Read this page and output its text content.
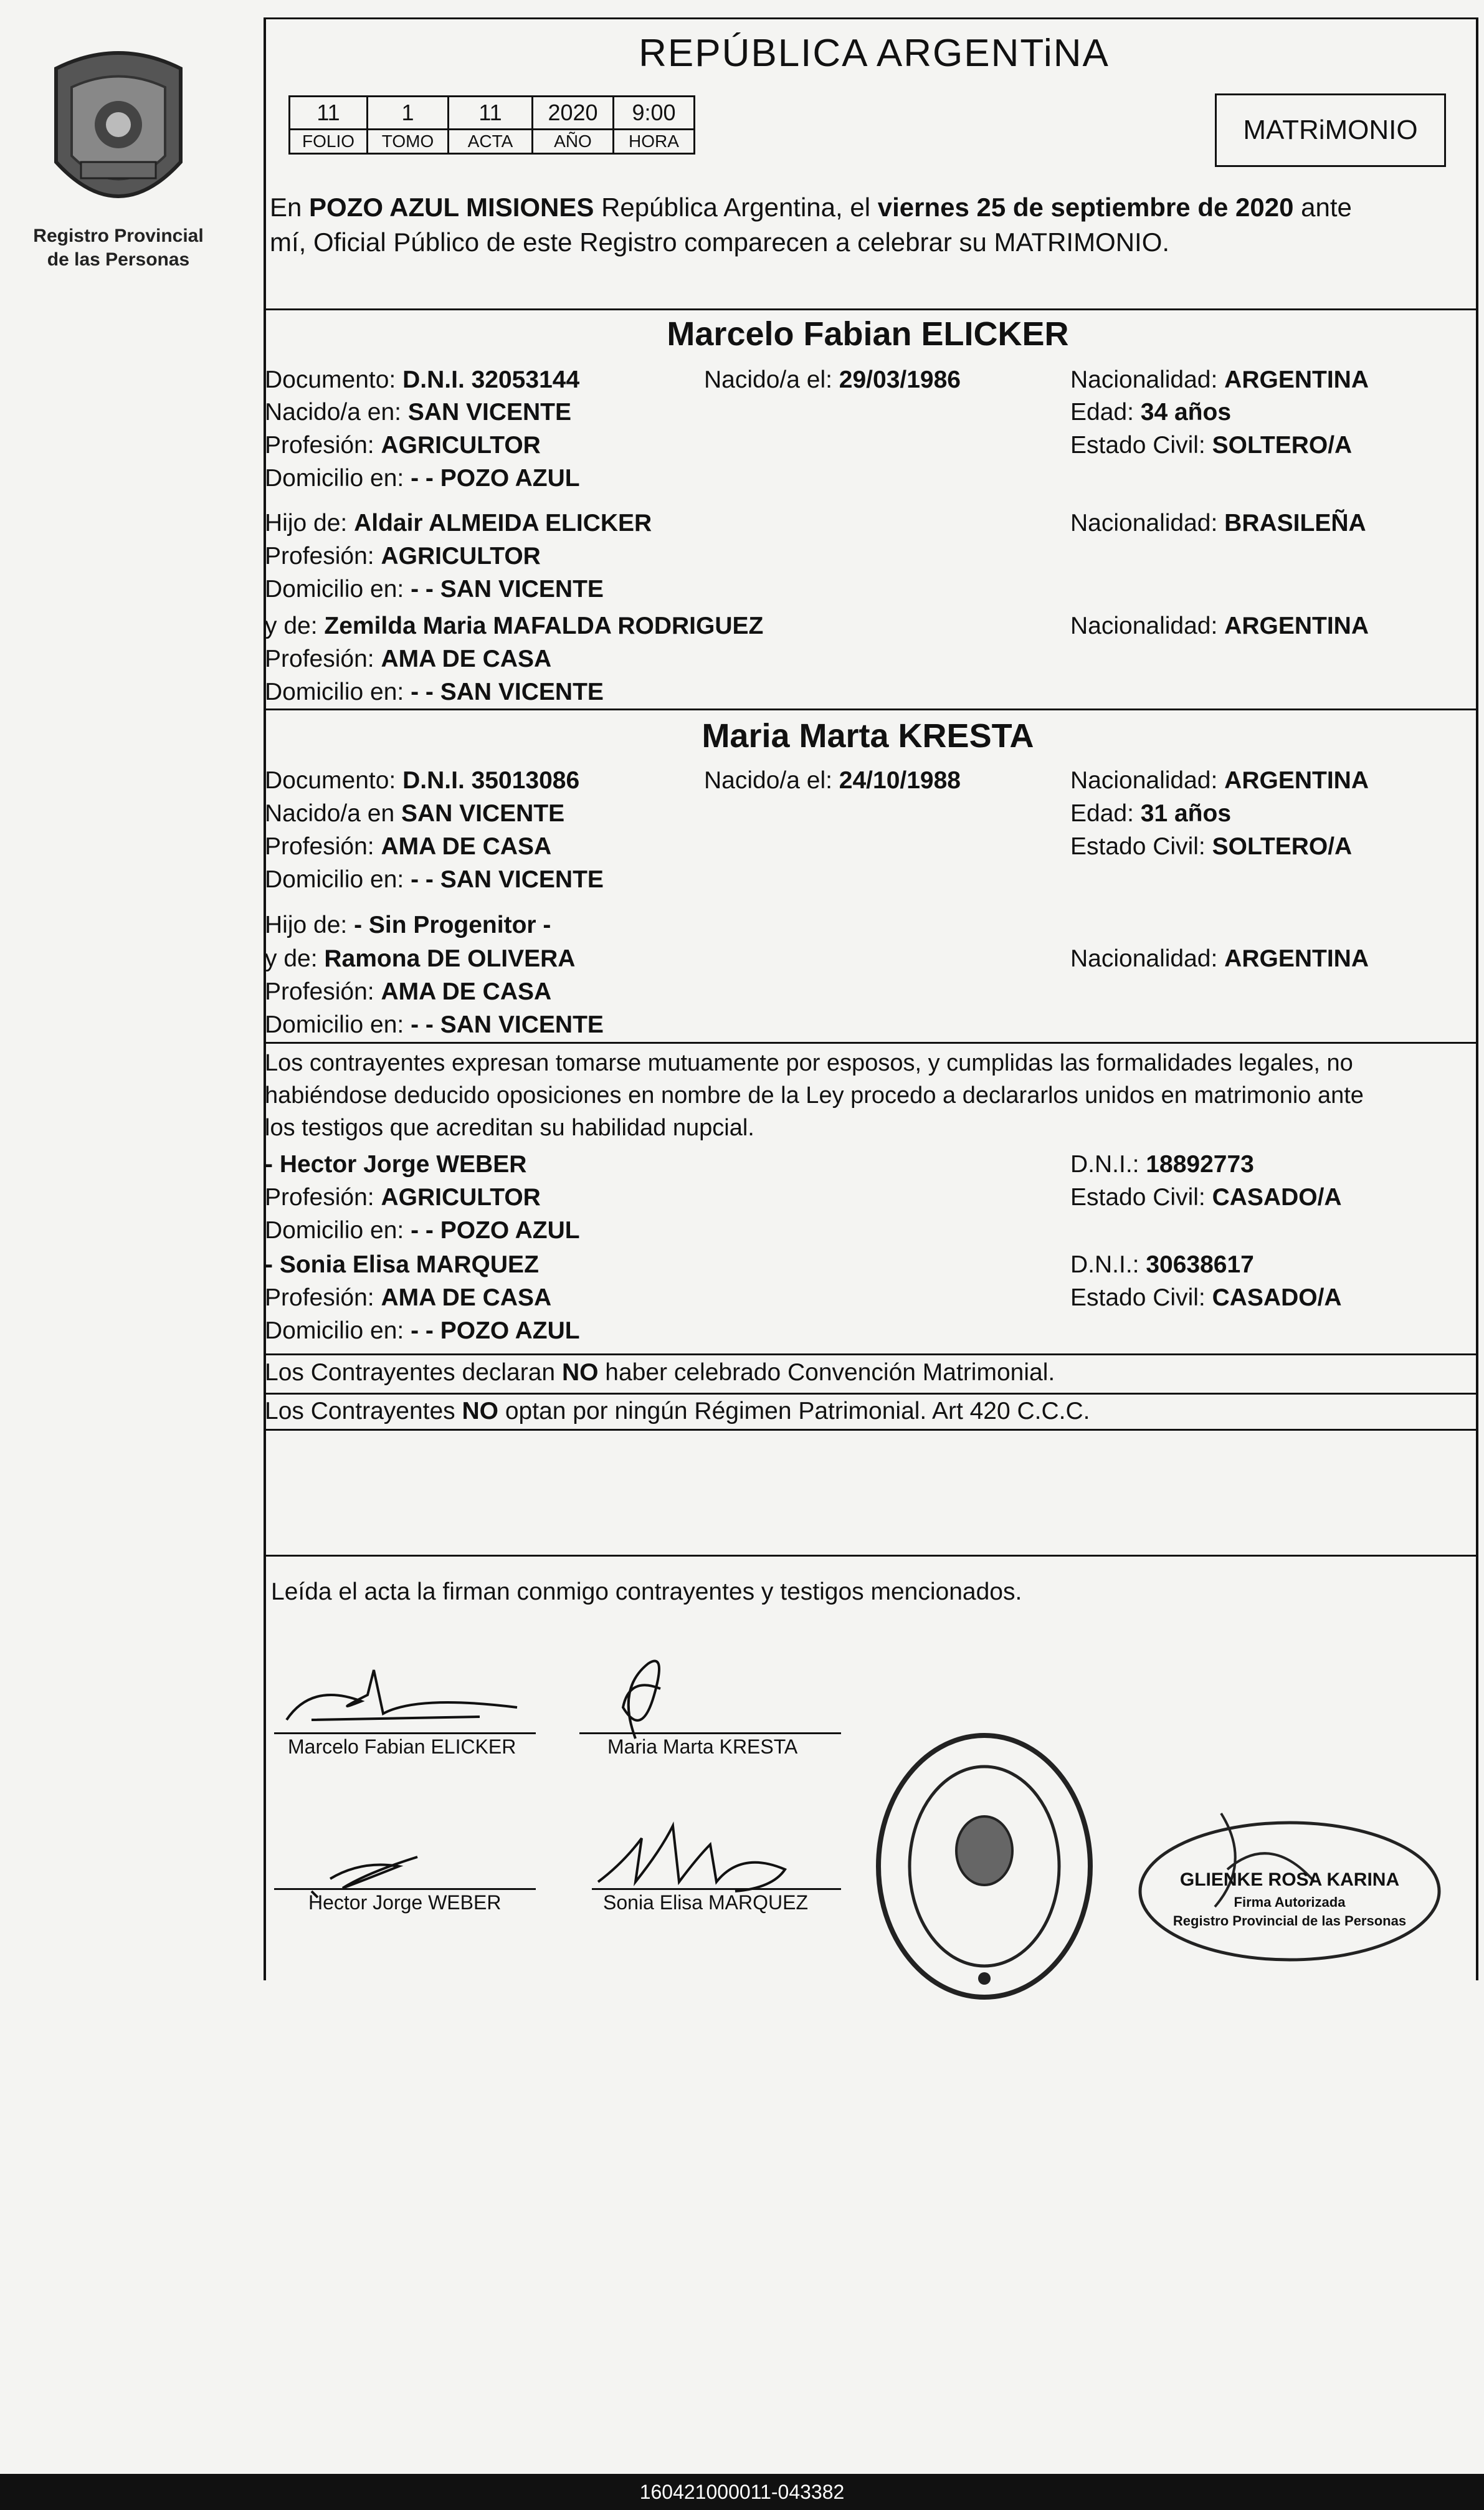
Registro Provincial
de las Personas
REPÚBLICA ARGENTiNA
11	1	11	2020	9:00
FOLIO	TOMO	ACTA	AÑO	HORA	MATRiMONIO
En POZO AZUL MISIONES República Argentina, el viernes 25 de septiembre de 2020 ante
mí, Oficial Público de este Registro comparecen a celebrar su MATRIMONIO.
Marcelo Fabian ELICKER
Documento: D.N.I. 32053144	Nacido/a el: 29/03/1986	Nacionalidad: ARGENTINA
Nacido/a en: SAN VICENTE	Edad: 34 años
Profesión: AGRICULTOR	Estado Civil: SOLTERO/A
Domicilio en: - - POZO AZUL
Hijo de: Aldair ALMEIDA ELICKER	Nacionalidad: BRASILEÑA
Profesión: AGRICULTOR
Domicilio en: - - SAN VICENTE
y de: Zemilda Maria MAFALDA RODRIGUEZ	Nacionalidad: ARGENTINA
Profesión: AMA DE CASA
Domicilio en: - - SAN VICENTE
Maria Marta KRESTA
Documento: D.N.I. 35013086	Nacido/a el: 24/10/1988	Nacionalidad: ARGENTINA
Nacido/a en SAN VICENTE	Edad: 31 años
Profesión: AMA DE CASA	Estado Civil: SOLTERO/A
Domicilio en: - - SAN VICENTE
Hijo de: - Sin Progenitor -
y de: Ramona DE OLIVERA	Nacionalidad: ARGENTINA
Profesión: AMA DE CASA
Domicilio en: - - SAN VICENTE
Los contrayentes expresan tomarse mutuamente por esposos, y cumplidas las formalidades legales, no
habiéndose deducido oposiciones en nombre de la Ley procedo a declararlos unidos en matrimonio ante
los testigos que acreditan su habilidad nupcial.
- Hector Jorge WEBER	D.N.I.: 18892773
Profesión: AGRICULTOR	Estado Civil: CASADO/A
Domicilio en: - - POZO AZUL
- Sonia Elisa MARQUEZ	D.N.I.: 30638617
Profesión: AMA DE CASA	Estado Civil: CASADO/A
Domicilio en: - - POZO AZUL
Los Contrayentes declaran NO haber celebrado Convención Matrimonial.
Los Contrayentes NO optan por ningún Régimen Patrimonial. Art 420 C.C.C.
Leída el acta la firman conmigo contrayentes y testigos mencionados.
Marcelo Fabian ELICKER	Maria Marta KRESTA
Hector Jorge WEBER	Sonia Elisa MARQUEZ
GLIENKE ROSA KARINA
Firma Autorizada
Registro Provincial de las Personas
160421000011-043382
